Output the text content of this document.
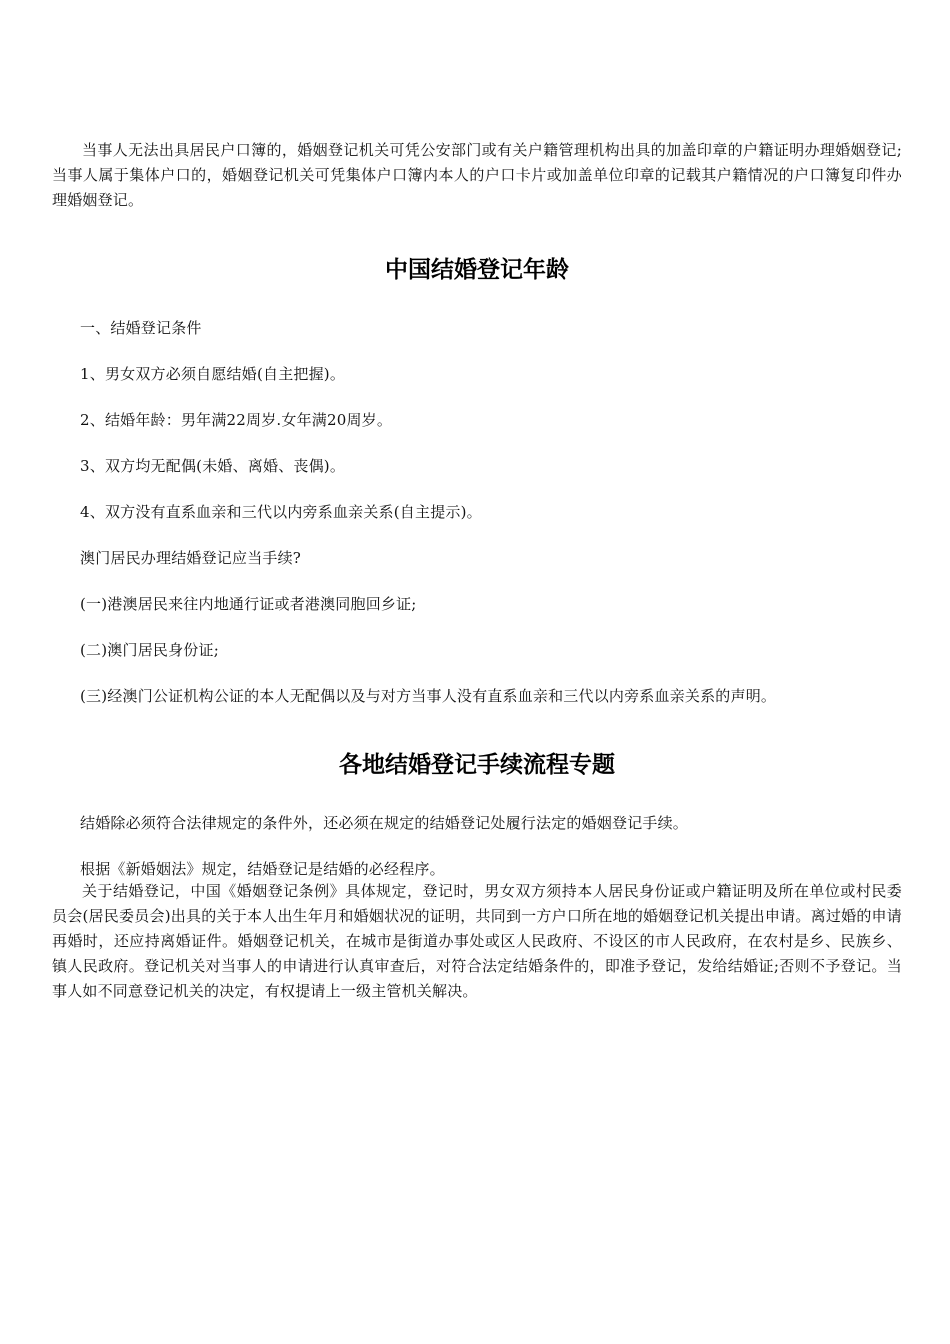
当事人无法出具居民户口簿的，婚姻登记机关可凭公安部门或有关户籍管理机构出具的加盖印章的户籍证明办理婚姻登记;当事人属于集体户口的，婚姻登记机关可凭集体户口簿内本人的户口卡片或加盖单位印章的记载其户籍情况的户口簿复印件办理婚姻登记。

中国结婚登记年龄

一、结婚登记条件

1、男女双方必须自愿结婚(自主把握)。

2、结婚年龄：男年满22周岁.女年满20周岁。

3、双方均无配偶(未婚、离婚、丧偶)。

4、双方没有直系血亲和三代以内旁系血亲关系(自主提示)。

澳门居民办理结婚登记应当手续?

(一)港澳居民来往内地通行证或者港澳同胞回乡证;

(二)澳门居民身份证;

(三)经澳门公证机构公证的本人无配偶以及与对方当事人没有直系血亲和三代以内旁系血亲关系的声明。

各地结婚登记手续流程专题

结婚除必须符合法律规定的条件外，还必须在规定的结婚登记处履行法定的婚姻登记手续。

根据《新婚姻法》规定，结婚登记是结婚的必经程序。

关于结婚登记，中国《婚姻登记条例》具体规定，登记时，男女双方须持本人居民身份证或户籍证明及所在单位或村民委员会(居民委员会)出具的关于本人出生年月和婚姻状况的证明，共同到一方户口所在地的婚姻登记机关提出申请。离过婚的申请再婚时，还应持离婚证件。婚姻登记机关，在城市是街道办事处或区人民政府、不设区的市人民政府，在农村是乡、民族乡、镇人民政府。登记机关对当事人的申请进行认真审查后，对符合法定结婚条件的，即准予登记，发给结婚证;否则不予登记。当事人如不同意登记机关的决定，有权提请上一级主管机关解决。
